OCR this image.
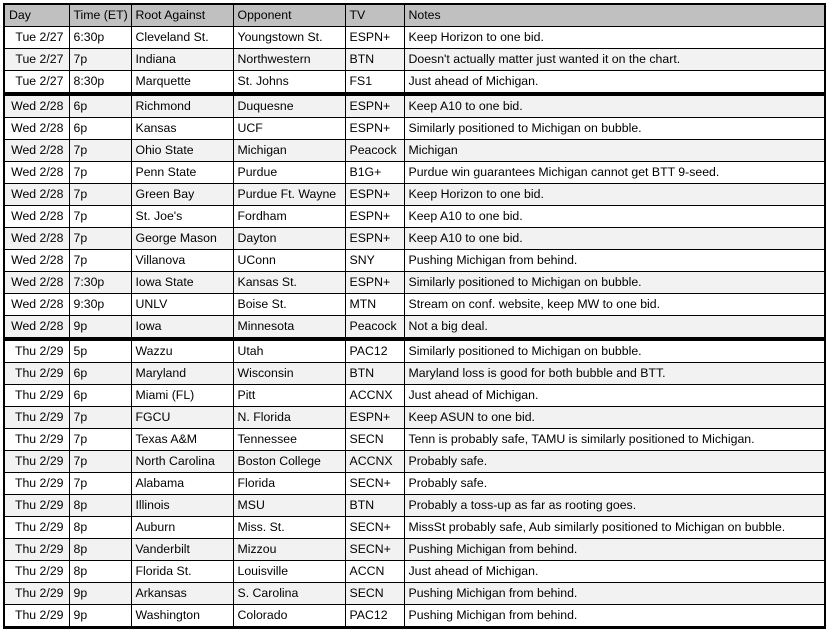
Day	Time (ET)	Root Against	Opponent	TV	Notes
Tue 2/27	6:30p	Cleveland St.	Youngstown St.	ESPN+	Keep Horizon to one bid.
Tue 2/27	7p	Indiana	Northwestern	BTN	Doesn't actually matter just wanted it on the chart.
Tue 2/27	8:30p	Marquette	St. Johns	FS1	Just ahead of Michigan.
Wed 2/28	6p	Richmond	Duquesne	ESPN+	Keep A10 to one bid.
Wed 2/28	6p	Kansas	UCF	ESPN+	Similarly positioned to Michigan on bubble.
Wed 2/28	7p	Ohio State	Michigan	Peacock	Michigan
Wed 2/28	7p	Penn State	Purdue	B1G+	Purdue win guarantees Michigan cannot get BTT 9-seed.
Wed 2/28	7p	Green Bay	Purdue Ft. Wayne	ESPN+	Keep Horizon to one bid.
Wed 2/28	7p	St. Joe's	Fordham	ESPN+	Keep A10 to one bid.
Wed 2/28	7p	George Mason	Dayton	ESPN+	Keep A10 to one bid.
Wed 2/28	7p	Villanova	UConn	SNY	Pushing Michigan from behind.
Wed 2/28	7:30p	Iowa State	Kansas St.	ESPN+	Similarly positioned to Michigan on bubble.
Wed 2/28	9:30p	UNLV	Boise St.	MTN	Stream on conf. website, keep MW to one bid.
Wed 2/28	9p	Iowa	Minnesota	Peacock	Not a big deal.
Thu 2/29	5p	Wazzu	Utah	PAC12	Similarly positioned to Michigan on bubble.
Thu 2/29	6p	Maryland	Wisconsin	BTN	Maryland loss is good for both bubble and BTT.
Thu 2/29	6p	Miami (FL)	Pitt	ACCNX	Just ahead of Michigan.
Thu 2/29	7p	FGCU	N. Florida	ESPN+	Keep ASUN to one bid.
Thu 2/29	7p	Texas A&M	Tennessee	SECN	Tenn is probably safe, TAMU is similarly positioned to Michigan.
Thu 2/29	7p	North Carolina	Boston College	ACCNX	Probably safe.
Thu 2/29	7p	Alabama	Florida	SECN+	Probably safe.
Thu 2/29	8p	Illinois	MSU	BTN	Probably a toss-up as far as rooting goes.
Thu 2/29	8p	Auburn	Miss. St.	SECN+	MissSt probably safe, Aub similarly positioned to Michigan on bubble.
Thu 2/29	8p	Vanderbilt	Mizzou	SECN+	Pushing Michigan from behind.
Thu 2/29	8p	Florida St.	Louisville	ACCN	Just ahead of Michigan.
Thu 2/29	9p	Arkansas	S. Carolina	SECN	Pushing Michigan from behind.
Thu 2/29	9p	Washington	Colorado	PAC12	Pushing Michigan from behind.
